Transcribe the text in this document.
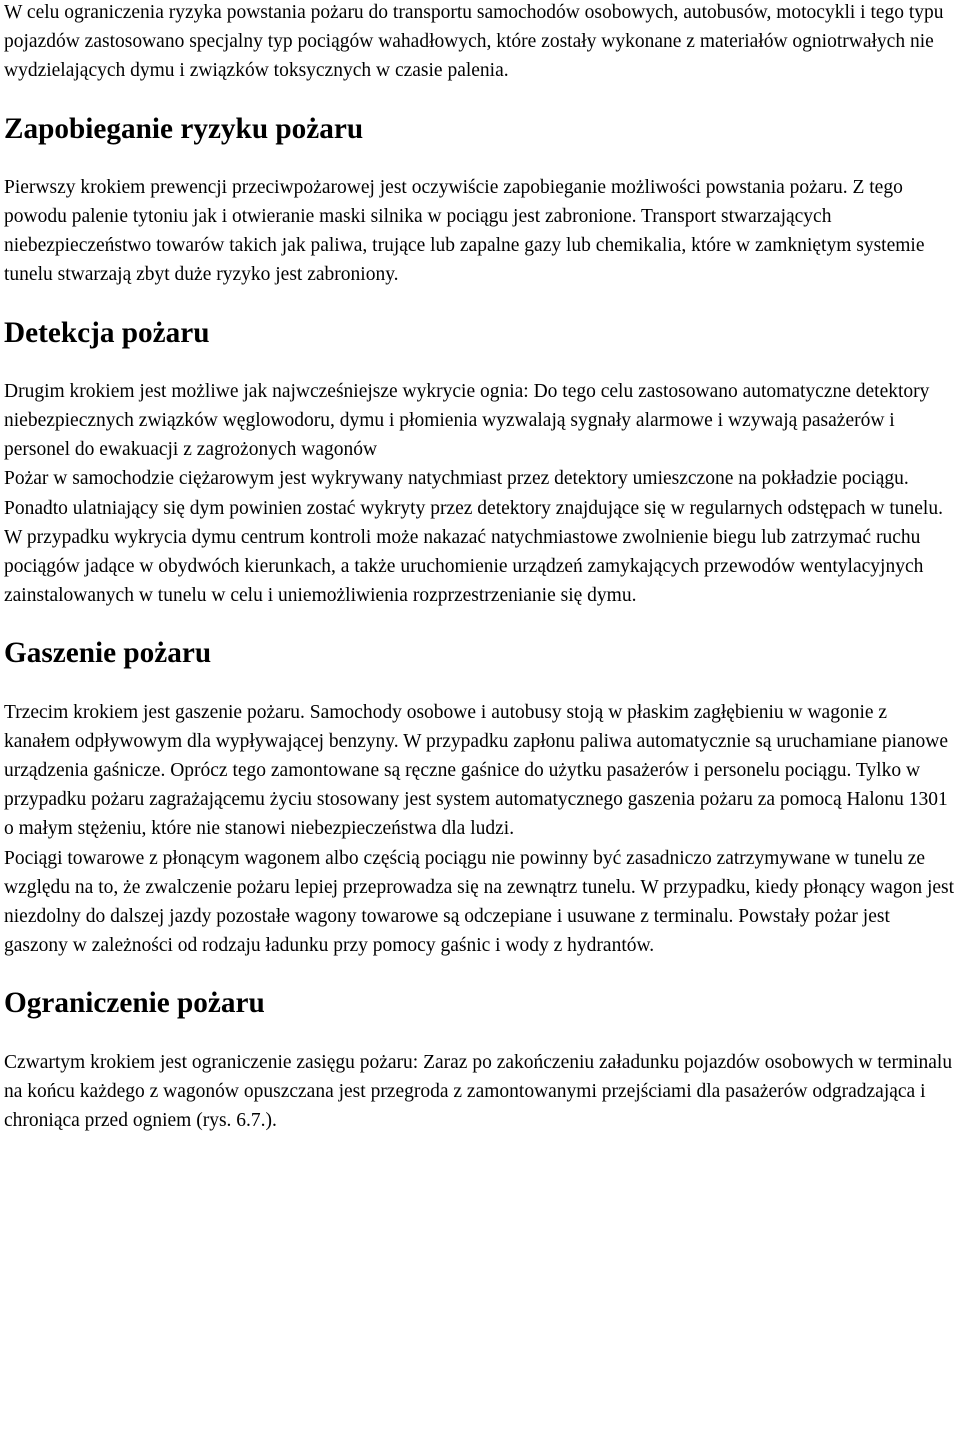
W celu ograniczenia ryzyka powstania pożaru do transportu samochodów osobowych, autobusów, motocykli i tego typu pojazdów zastosowano specjalny typ pociągów wahadłowych, które zostały wykonane z materiałów ogniotrwałych nie wydzielających dymu i związków toksycznych w czasie palenia.

Zapobieganie ryzyku pożaru

Pierwszy krokiem prewencji przeciwpożarowej jest oczywiście zapobieganie możliwości powstania pożaru. Z tego powodu palenie tytoniu jak i otwieranie maski silnika w pociągu jest zabronione. Transport stwarzających niebezpieczeństwo towarów takich jak paliwa, trujące lub zapalne gazy lub chemikalia, które w zamkniętym systemie tunelu stwarzają zbyt duże ryzyko jest zabroniony.

Detekcja pożaru

Drugim krokiem jest możliwe jak najwcześniejsze wykrycie ognia: Do tego celu zastosowano automatyczne detektory niebezpiecznych związków węglowodoru, dymu i płomienia wyzwalają sygnały alarmowe i wzywają pasażerów i personel do ewakuacji z zagrożonych wagonów

Pożar w samochodzie ciężarowym jest wykrywany natychmiast przez detektory umieszczone na pokładzie pociągu.

Ponadto ulatniający się dym powinien zostać wykryty przez detektory znajdujące się w regularnych odstępach w tunelu. W przypadku wykrycia dymu centrum kontroli może nakazać natychmiastowe zwolnienie biegu lub zatrzymać ruchu pociągów jadące w obydwóch kierunkach, a także uruchomienie urządzeń zamykających przewodów wentylacyjnych zainstalowanych w tunelu w celu i uniemożliwienia rozprzestrzenianie się dymu.

Gaszenie pożaru

Trzecim krokiem jest gaszenie pożaru. Samochody osobowe i autobusy stoją w płaskim zagłębieniu w wagonie z kanałem odpływowym dla wypływającej benzyny. W przypadku zapłonu paliwa automatycznie są uruchamiane pianowe urządzenia gaśnicze. Oprócz tego zamontowane są ręczne gaśnice do użytku pasażerów i personelu pociągu. Tylko w przypadku pożaru zagrażającemu życiu stosowany jest system automatycznego gaszenia pożaru za pomocą Halonu 1301 o małym stężeniu, które nie stanowi niebezpieczeństwa dla ludzi.

Pociągi towarowe z płonącym wagonem albo częścią pociągu nie powinny być zasadniczo zatrzymywane w tunelu ze względu na to, że zwalczenie pożaru lepiej przeprowadza się na zewnątrz tunelu. W przypadku, kiedy płonący wagon jest niezdolny do dalszej jazdy pozostałe wagony towarowe są odczepiane i usuwane z terminalu. Powstały pożar jest gaszony w zależności od rodzaju ładunku przy pomocy gaśnic i wody z hydrantów.

Ograniczenie pożaru

Czwartym krokiem jest ograniczenie zasięgu pożaru: Zaraz po zakończeniu załadunku pojazdów osobowych w terminalu na końcu każdego z wagonów opuszczana jest przegroda z zamontowanymi przejściami dla pasażerów odgradzająca i chroniąca przed ogniem (rys. 6.7.).
